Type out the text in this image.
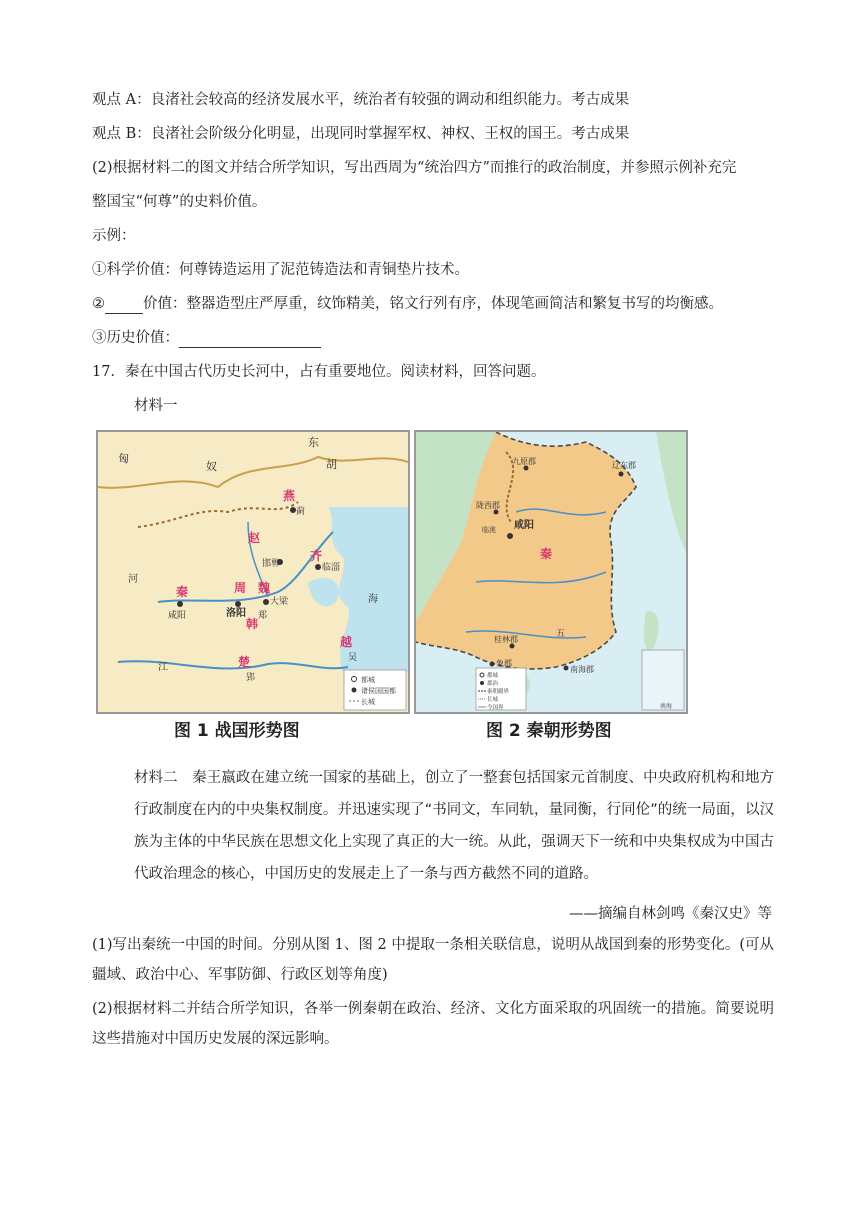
观点 A：良渚社会较高的经济发展水平，统治者有较强的调动和组织能力。考古成果
观点 B：良渚社会阶级分化明显，出现同时掌握军权、神权、王权的国王。考古成果
(2)根据材料二的图文并结合所学知识，写出西周为“统治四方”而推行的政治制度，并参照示例补充完
整国宝“何尊”的史料价值。
示例：
①科学价值：何尊铸造运用了泥范铸造法和青铜垫片技术。
②	价值：整器造型庄严厚重，纹饰精美，铭文行列有序，体现笔画简洁和繁复书写的均衡感。
③历史价值：
17．秦在中国古代历史长河中，占有重要地位。阅读材料，回答问题。
材料一
匈
奴
东
胡
燕
蓟
赵
邯郸
齐
临淄
秦
咸阳
周
洛阳
魏
大梁
郑
韩
越
吴
楚
郢
河
江
海
都城
诸侯国国都
长城
九原郡	辽东郡
陇西郡
咸阳
秦
临洮
桂林郡
南海郡
象郡
五
南海
都城
郡治
秦朝疆界
长城
今国界
图 1 战国形势图	图 2 秦朝形势图
材料二　秦王嬴政在建立统一国家的基础上，创立了一整套包括国家元首制度、中央政府机构和地方行政制度在内的中央集权制度。并迅速实现了“书同文，车同轨，量同衡，行同伦”的统一局面，以汉族为主体的中华民族在思想文化上实现了真正的大一统。从此，强调天下一统和中央集权成为中国古代政治理念的核心，中国历史的发展走上了一条与西方截然不同的道路。
——摘编自林剑鸣《秦汉史》等
(1)写出秦统一中国的时间。分别从图 1、图 2 中提取一条相关联信息，说明从战国到秦的形势变化。(可从疆域、政治中心、军事防御、行政区划等角度)
(2)根据材料二并结合所学知识，各举一例秦朝在政治、经济、文化方面采取的巩固统一的措施。简要说明这些措施对中国历史发展的深远影响。
